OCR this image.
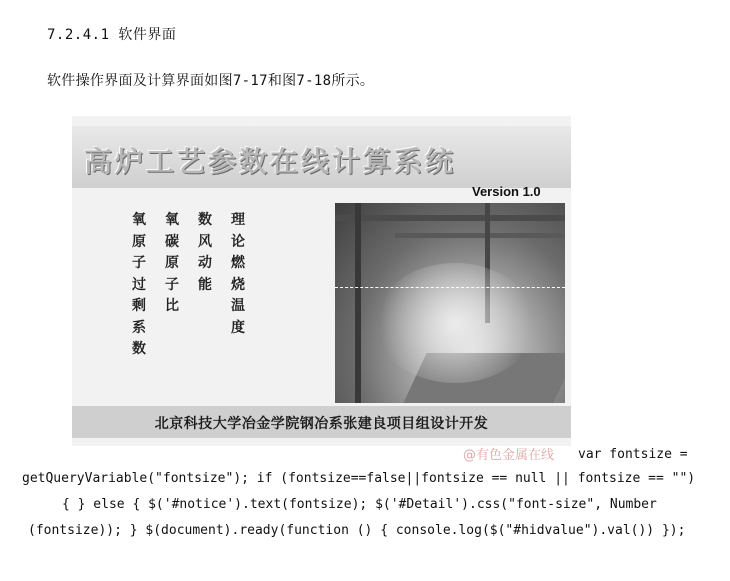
7.2.4.1 软件界面
软件操作界面及计算界面如图7-17和图7-18所示。
高炉工艺参数在线计算系统
Version 1.0
氧原子过剩系数
氧碳原子比
数风动能
理论燃烧温度
北京科技大学冶金学院钢冶系张建良项目组设计开发
@有色金属在线 var fontsize =
getQueryVariable("fontsize"); if (fontsize==false||fontsize == null || fontsize == "")
{ } else { $('#notice').text(fontsize); $('#Detail').css("font-size", Number
(fontsize)); } $(document).ready(function () { console.log($("#hidvalue").val()) });
